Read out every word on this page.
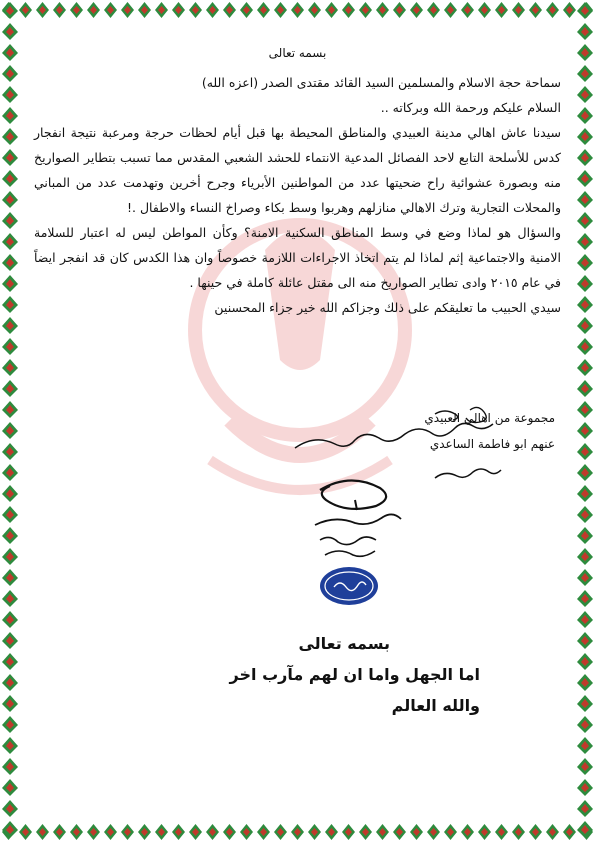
بسمه تعالى

سماحة حجة الاسلام والمسلمين السيد القائد مقتدى الصدر (اعزه الله)

السلام عليكم ورحمة الله وبركاته ..

سيدنا عاش اهالي مدينة العبيدي والمناطق المحيطة بها قبل أيام لحظات حرجة ومرعبة نتيجة انفجار كدس للأسلحة التابع لاحد الفصائل المدعية الانتماء للحشد الشعبي المقدس مما تسبب بتطاير الصواريخ منه وبصورة عشوائية راح ضحيتها عدد من المواطنين الأبرياء وجرح أخرين وتهدمت عدد من المباني والمحلات التجارية وترك الاهالي منازلهم وهربوا وسط بكاء وصراخ النساء والاطفال .!

والسؤال هو لماذا وضع في وسط المناطق السكنية الامنة؟ وكأن المواطن ليس له اعتبار للسلامة الامنية والاجتماعية إثم لماذا لم يتم اتخاذ الاجراءات اللازمة خصوصاً وان هذا الكدس كان قد انفجر ايضاً في عام ٢٠١٥ وادى تطاير الصواريخ منه الى مقتل عائلة كاملة في حينها .

سيدي الحبيب ما تعليقكم على ذلك وجزاكم الله خير جزاء المحسنين

مجموعة من اهالي العبيدي
عنهم ابو فاطمة الساعدي
بسمه تعالى
اما الجهل واما ان لهم مآرب اخر
والله العالم
